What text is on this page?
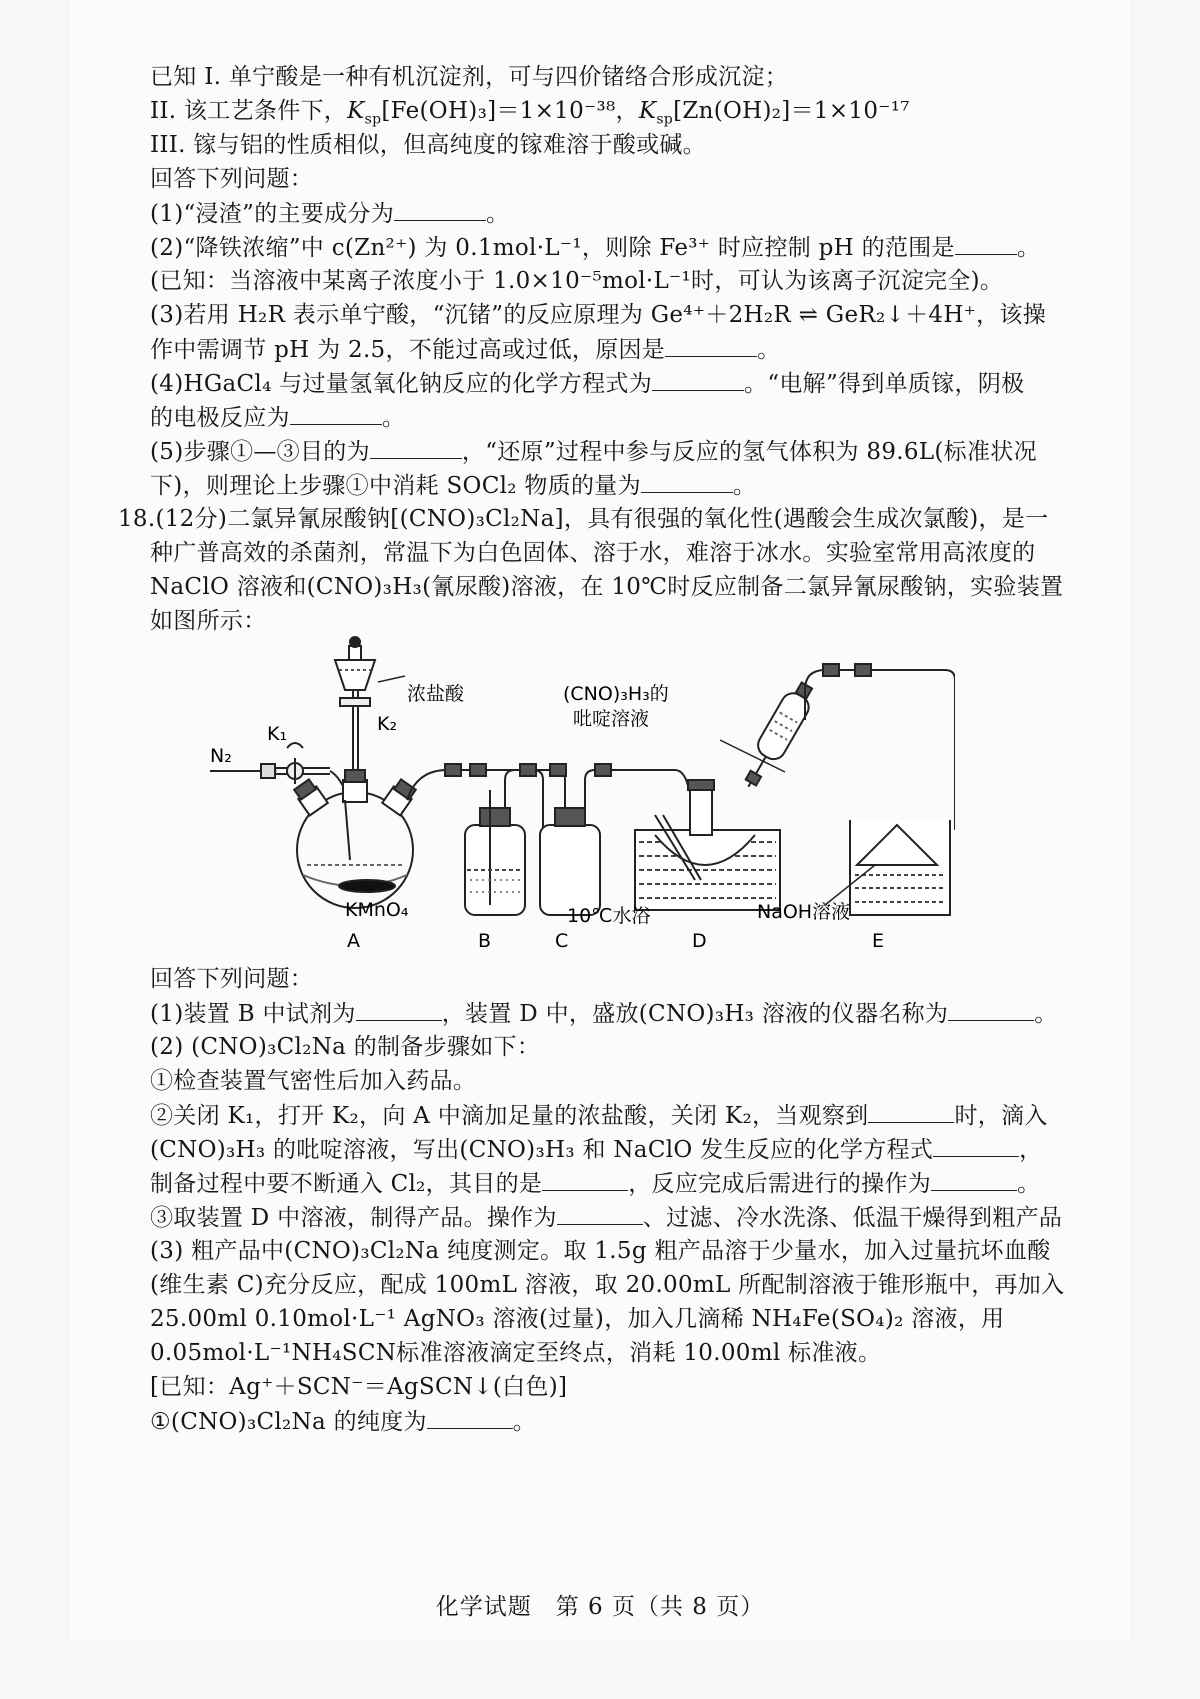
已知 I. 单宁酸是一种有机沉淀剂，可与四价锗络合形成沉淀；
II. 该工艺条件下，$K_{sp}[Fe(OH)_3]=1\times 10^{-38}$，$K_{sp}[Zn(OH)_2]=1\times 10^{-17}$
III. 镓与铝的性质相似，但高纯度的镓难溶于酸或碱。
回答下列问题：
(1)“浸渣”的主要成分为	。
(2)“降铁浓缩”中 c(Zn²⁺) 为 0.1mol·L⁻¹，则除 Fe³⁺ 时应控制 pH 的范围是	。
(已知：当溶液中某离子浓度小于 1.0×10⁻⁵mol·L⁻¹时，可认为该离子沉淀完全)。
(3)若用 H₂R 表示单宁酸，“沉锗”的反应原理为 Ge⁴⁺＋2H₂R ⇌ GeR₂↓＋4H⁺，该操
作中需调节 pH 为 2.5，不能过高或过低，原因是	。
(4)HGaCl₄ 与过量氢氧化钠反应的化学方程式为	。“电解”得到单质镓，阴极
的电极反应为	。
(5)步骤①—③目的为	，“还原”过程中参与反应的氢气体积为 89.6L(标准状况
下)，则理论上步骤①中消耗 SOCl₂ 物质的量为	。
18.(12分)二氯异氰尿酸钠[(CNO)₃Cl₂Na]，具有很强的氧化性(遇酸会生成次氯酸)，是一
种广普高效的杀菌剂，常温下为白色固体、溶于水，难溶于冰水。实验室常用高浓度的
NaClO 溶液和(CNO)₃H₃(氰尿酸)溶液，在 10℃时反应制备二氯异氰尿酸钠，实验装置
如图所示：
N₂
K₁	K₂
浓盐酸	(CNO)₃H₃的
吡啶溶液
KMnO₄	10℃水浴	NaOH溶液
A	B	C	D	E
回答下列问题：
(1)装置 B 中试剂为	，装置 D 中，盛放(CNO)₃H₃ 溶液的仪器名称为	。
(2) (CNO)₃Cl₂Na 的制备步骤如下：
①检查装置气密性后加入药品。
②关闭 K₁，打开 K₂，向 A 中滴加足量的浓盐酸，关闭 K₂，当观察到	时，滴入
(CNO)₃H₃ 的吡啶溶液，写出(CNO)₃H₃ 和 NaClO 发生反应的化学方程式	，
制备过程中要不断通入 Cl₂，其目的是	，反应完成后需进行的操作为	。
③取装置 D 中溶液，制得产品。操作为	、过滤、冷水洗涤、低温干燥得到粗产品
(3) 粗产品中(CNO)₃Cl₂Na 纯度测定。取 1.5g 粗产品溶于少量水，加入过量抗坏血酸
(维生素 C)充分反应，配成 100mL 溶液，取 20.00mL 所配制溶液于锥形瓶中，再加入
25.00ml 0.10mol·L⁻¹ AgNO₃ 溶液(过量)，加入几滴稀 NH₄Fe(SO₄)₂ 溶液，用
0.05mol·L⁻¹NH₄SCN标准溶液滴定至终点，消耗 10.00ml 标准液。
[已知：Ag⁺＋SCN⁻＝AgSCN↓(白色)]
①(CNO)₃Cl₂Na 的纯度为	。
化学试题　第 6 页（共 8 页）
